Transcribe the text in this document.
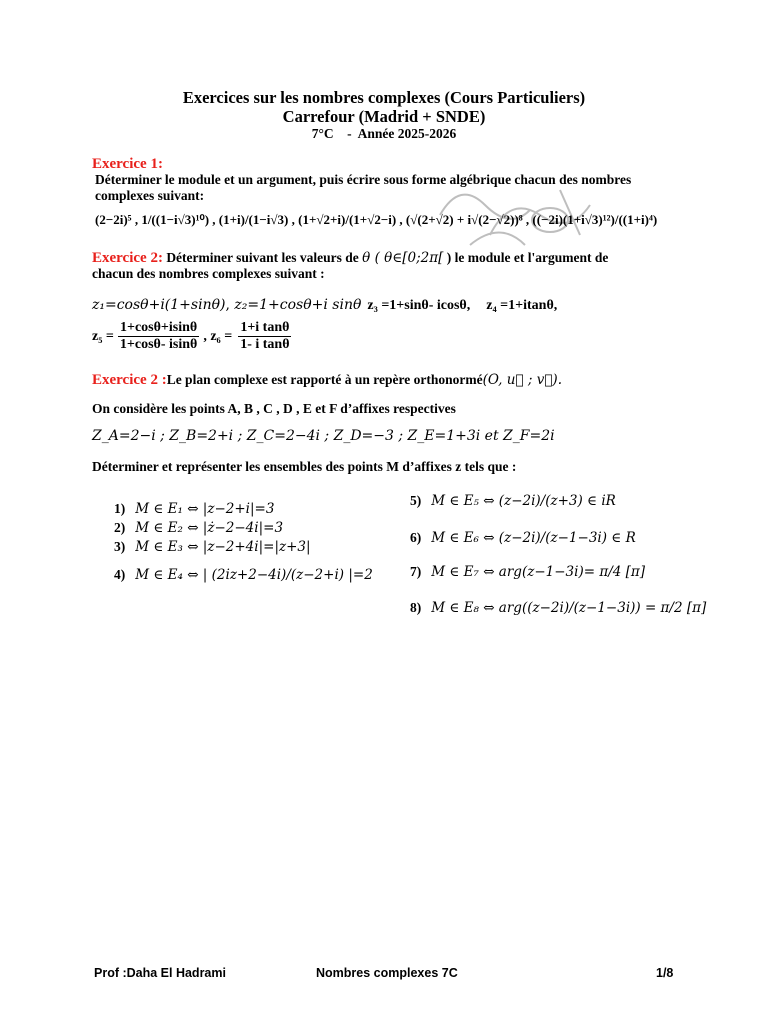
Exercices sur les nombres complexes (Cours Particuliers)
Carrefour (Madrid + SNDE)
7°C    -  Année 2025-2026
Exercice 1:
Déterminer le module et un argument, puis écrire sous forme algébrique chacun des nombres complexes suivant:
(2−2i)⁵ , 1/((1−i√3)¹⁰) , (1+i)/(1−i√3) , (1+√2+i)/(1+√2−i) , (√(2+√2) + i√(2−√2))⁸ , ((−2i)(1+i√3)¹²)/((1+i)⁴)
Exercice 2: Déterminer suivant les valeurs de θ ( θ∈[0;2π[ ) le module et l'argument de
chacun des nombres complexes suivant :
z₁=cosθ+i(1+sinθ), z₂=1+cosθ+i sinθ z₃ =1+sinθ- icosθ, z₄ =1+itanθ,
$z_5 = \frac{1+\cos\theta+isin\theta}{1+\cos\theta- isin\theta}$ , $z_6 = \frac{\text{1+i tanθ}}{\text{1- i tanθ}}$
Exercice 2 :Le plan complexe est rapporté à un repère orthonormé(O, u⃗ ; v⃗).
On considère les points A, B , C , D , E et F d’affixes respectives
Z_A=2−i ; Z_B=2+i ; Z_C=2−4i ; Z_D=−3 ; Z_E=1+3i et Z_F=2i
Déterminer et représenter les ensembles des points M d’affixes z tels que :
1) M ∈ E₁ ⇔ |z−2+i|=3
2) M ∈ E₂ ⇔ |ż−2−4i|=3
3) M ∈ E₃ ⇔ |z−2+4i|=|z+3|
4) M ∈ E₄ ⇔ | (2iz+2−4i)/(z−2+i) |=2
5) M ∈ E₅ ⇔ (z−2i)/(z+3) ∈ iR
6) M ∈ E₆ ⇔ (z−2i)/(z−1−3i) ∈ R
7) M ∈ E₇ ⇔ arg(z−1−3i)= π/4 [π]
8) M ∈ E₈ ⇔ arg((z−2i)/(z−1−3i)) = π/2 [π]
Prof :Daha El Hadrami	Nombres complexes 7C	1/8
